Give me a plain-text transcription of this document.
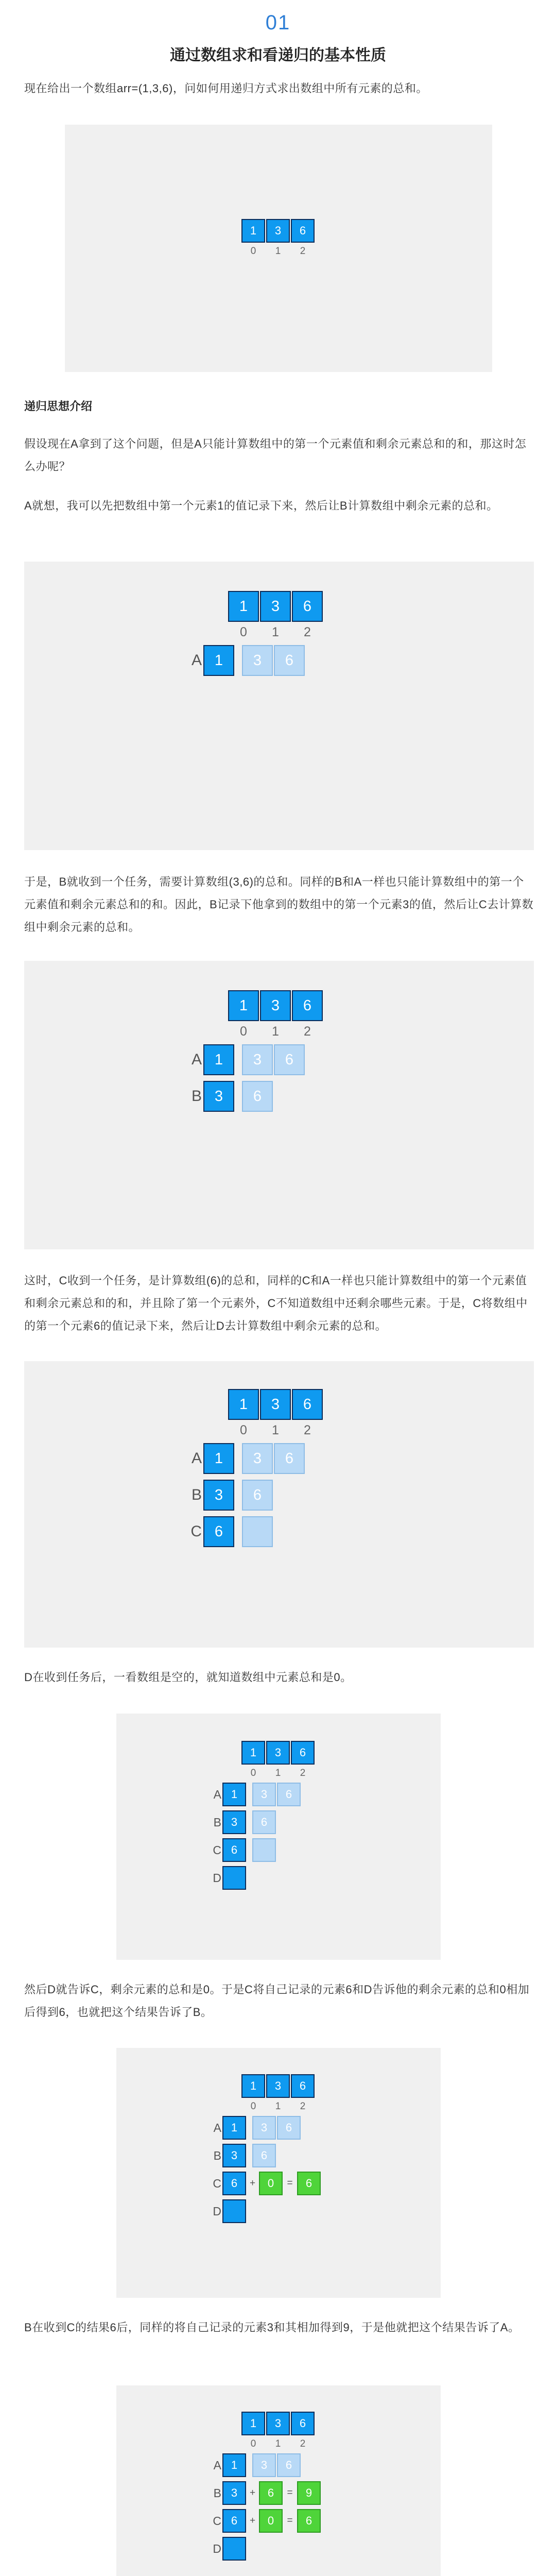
01
通过数组求和看递归的基本性质

现在给出一个数组arr=(1,3,6)，问如何用递归方式求出数组中所有元素的总和。

递归思想介绍

假设现在A拿到了这个问题，但是A只能计算数组中的第一个元素值和剩余元素总和的和，那这时怎么办呢？

A就想，我可以先把数组中第一个元素1的值记录下来，然后让B计算数组中剩余元素的总和。

于是，B就收到一个任务，需要计算数组(3,6)的总和。同样的B和A一样也只能计算数组中的第一个元素值和剩余元素总和的和。因此，B记录下他拿到的数组中的第一个元素3的值，然后让C去计算数组中剩余元素的总和。

这时，C收到一个任务，是计算数组(6)的总和，同样的C和A一样也只能计算数组中的第一个元素值和剩余元素总和的和，并且除了第一个元素外，C不知道数组中还剩余哪些元素。于是，C将数组中的第一个元素6的值记录下来，然后让D去计算数组中剩余元素的总和。

D在收到任务后，一看数组是空的，就知道数组中元素总和是0。

然后D就告诉C，剩余元素的总和是0。于是C将自己记录的元素6和D告诉他的剩余元素的总和0相加后得到6，也就把这个结果告诉了B。

B在收到C的结果6后，同样的将自己记录的元素3和其相加得到9，于是他就把这个结果告诉了A。

1
0
3
1
6
2
1
0
3
1
6
2
A 1	3	6
1
0
3
1
6
2
A 1	3	6
B 3	6
1
0
3
1
6
2
A 1	3	6
B 3	6
C 6
1
0
3
1
6
2
A 1	3	6
B 3	6
C 6
D
1
0
3
1
6
2
A 1	3	6
B 3	6
C 6	+	0	=	6
D
1
0
3
1
6
2
A 1	3	6
B 3	+	6	=	9
C 6	+	0	=	6
D
